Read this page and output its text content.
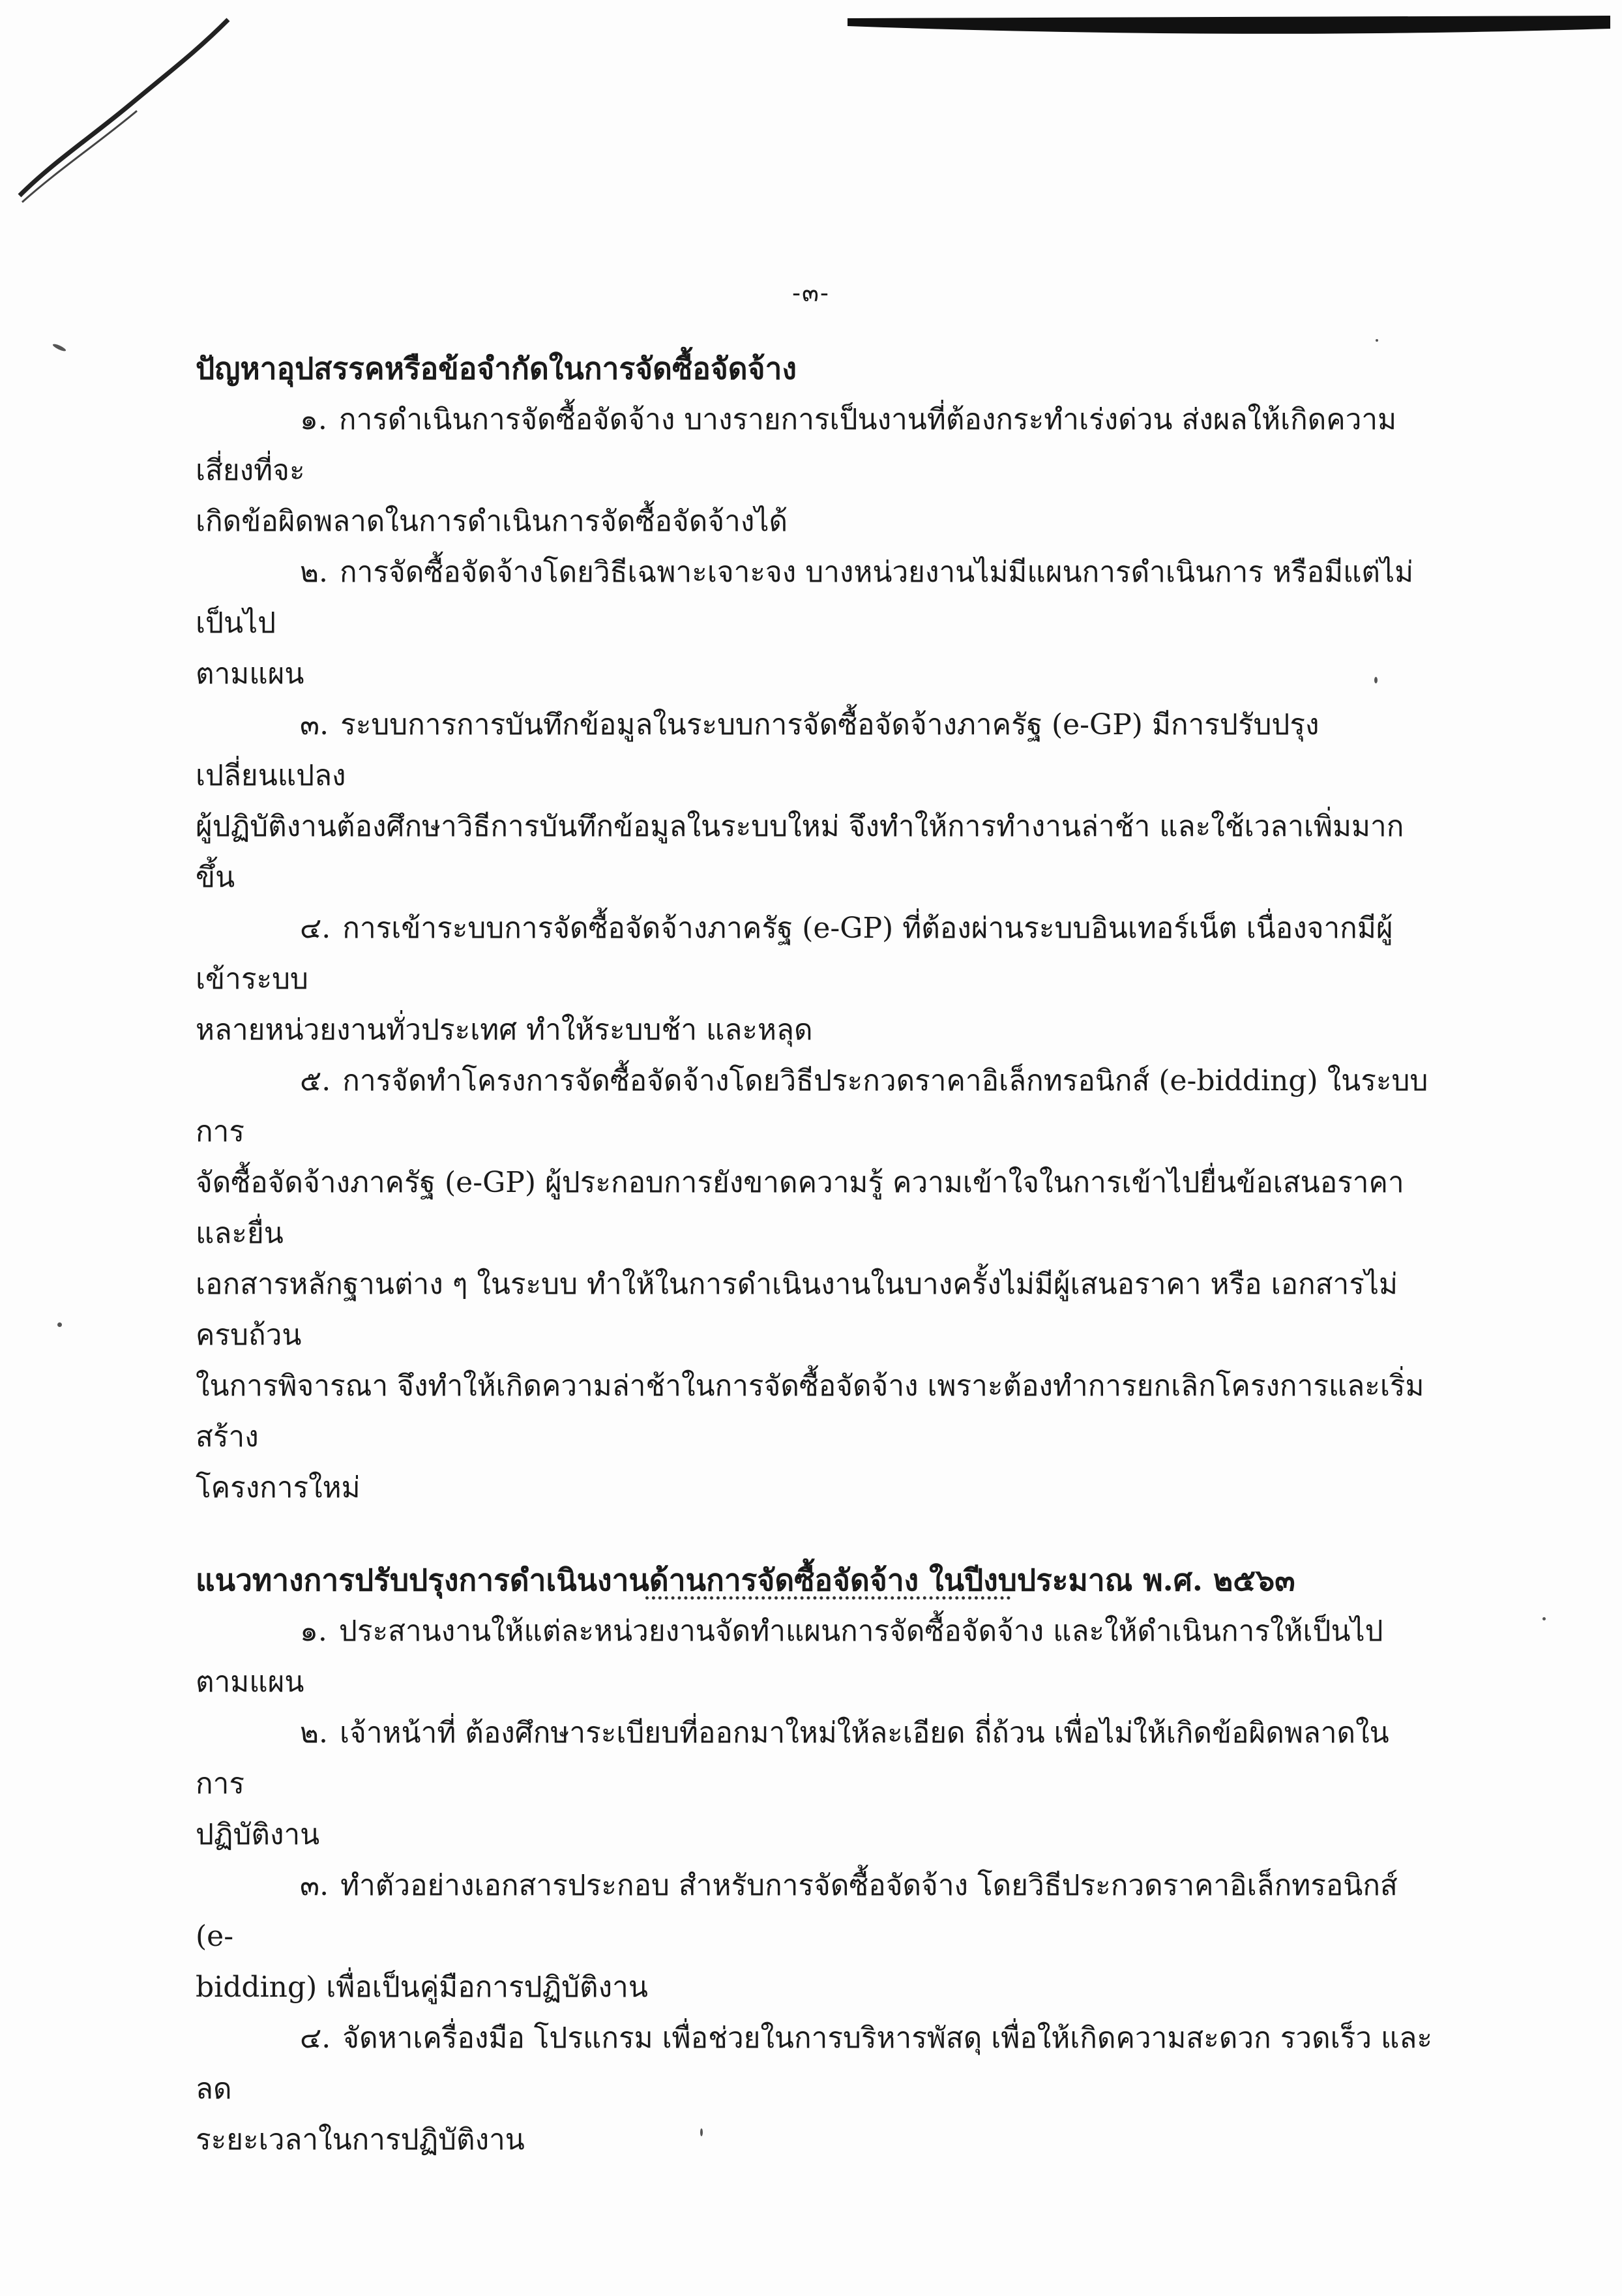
-๓-
ปัญหาอุปสรรคหรือข้อจำกัดในการจัดซื้อจัดจ้าง

๑. การดำเนินการจัดซื้อจัดจ้าง บางรายการเป็นงานที่ต้องกระทำเร่งด่วน ส่งผลให้เกิดความเสี่ยงที่จะ
เกิดข้อผิดพลาดในการดำเนินการจัดซื้อจัดจ้างได้

๒. การจัดซื้อจัดจ้างโดยวิธีเฉพาะเจาะจง บางหน่วยงานไม่มีแผนการดำเนินการ หรือมีแต่ไม่เป็นไป
ตามแผน

๓. ระบบการการบันทึกข้อมูลในระบบการจัดซื้อจัดจ้างภาครัฐ (e-GP) มีการปรับปรุงเปลี่ยนแปลง
ผู้ปฏิบัติงานต้องศึกษาวิธีการบันทึกข้อมูลในระบบใหม่ จึงทำให้การทำงานล่าช้า และใช้เวลาเพิ่มมากขึ้น

๔. การเข้าระบบการจัดซื้อจัดจ้างภาครัฐ (e-GP) ที่ต้องผ่านระบบอินเทอร์เน็ต เนื่องจากมีผู้เข้าระบบ
หลายหน่วยงานทั่วประเทศ ทำให้ระบบช้า และหลุด

๕. การจัดทำโครงการจัดซื้อจัดจ้างโดยวิธีประกวดราคาอิเล็กทรอนิกส์ (e-bidding) ในระบบการ
จัดซื้อจัดจ้างภาครัฐ (e-GP) ผู้ประกอบการยังขาดความรู้ ความเข้าใจในการเข้าไปยื่นข้อเสนอราคา และยื่น
เอกสารหลักฐานต่าง ๆ ในระบบ ทำให้ในการดำเนินงานในบางครั้งไม่มีผู้เสนอราคา หรือ เอกสารไม่ครบถ้วน
ในการพิจารณา จึงทำให้เกิดความล่าช้าในการจัดซื้อจัดจ้าง เพราะต้องทำการยกเลิกโครงการและเริ่มสร้าง
โครงการใหม่

แนวทางการปรับปรุงการดำเนินงานด้านการจัดซื้อจัดจ้าง ในปีงบประมาณ พ.ศ. ๒๕๖๓

๑. ประสานงานให้แต่ละหน่วยงานจัดทำแผนการจัดซื้อจัดจ้าง และให้ดำเนินการให้เป็นไปตามแผน

๒. เจ้าหน้าที่ ต้องศึกษาระเบียบที่ออกมาใหม่ให้ละเอียด ถี่ถ้วน เพื่อไม่ให้เกิดข้อผิดพลาดในการ
ปฏิบัติงาน

๓. ทำตัวอย่างเอกสารประกอบ สำหรับการจัดซื้อจัดจ้าง โดยวิธีประกวดราคาอิเล็กทรอนิกส์ (e-
bidding) เพื่อเป็นคู่มือการปฏิบัติงาน

๔. จัดหาเครื่องมือ โปรแกรม เพื่อช่วยในการบริหารพัสดุ เพื่อให้เกิดความสะดวก รวดเร็ว และลด
ระยะเวลาในการปฏิบัติงาน
